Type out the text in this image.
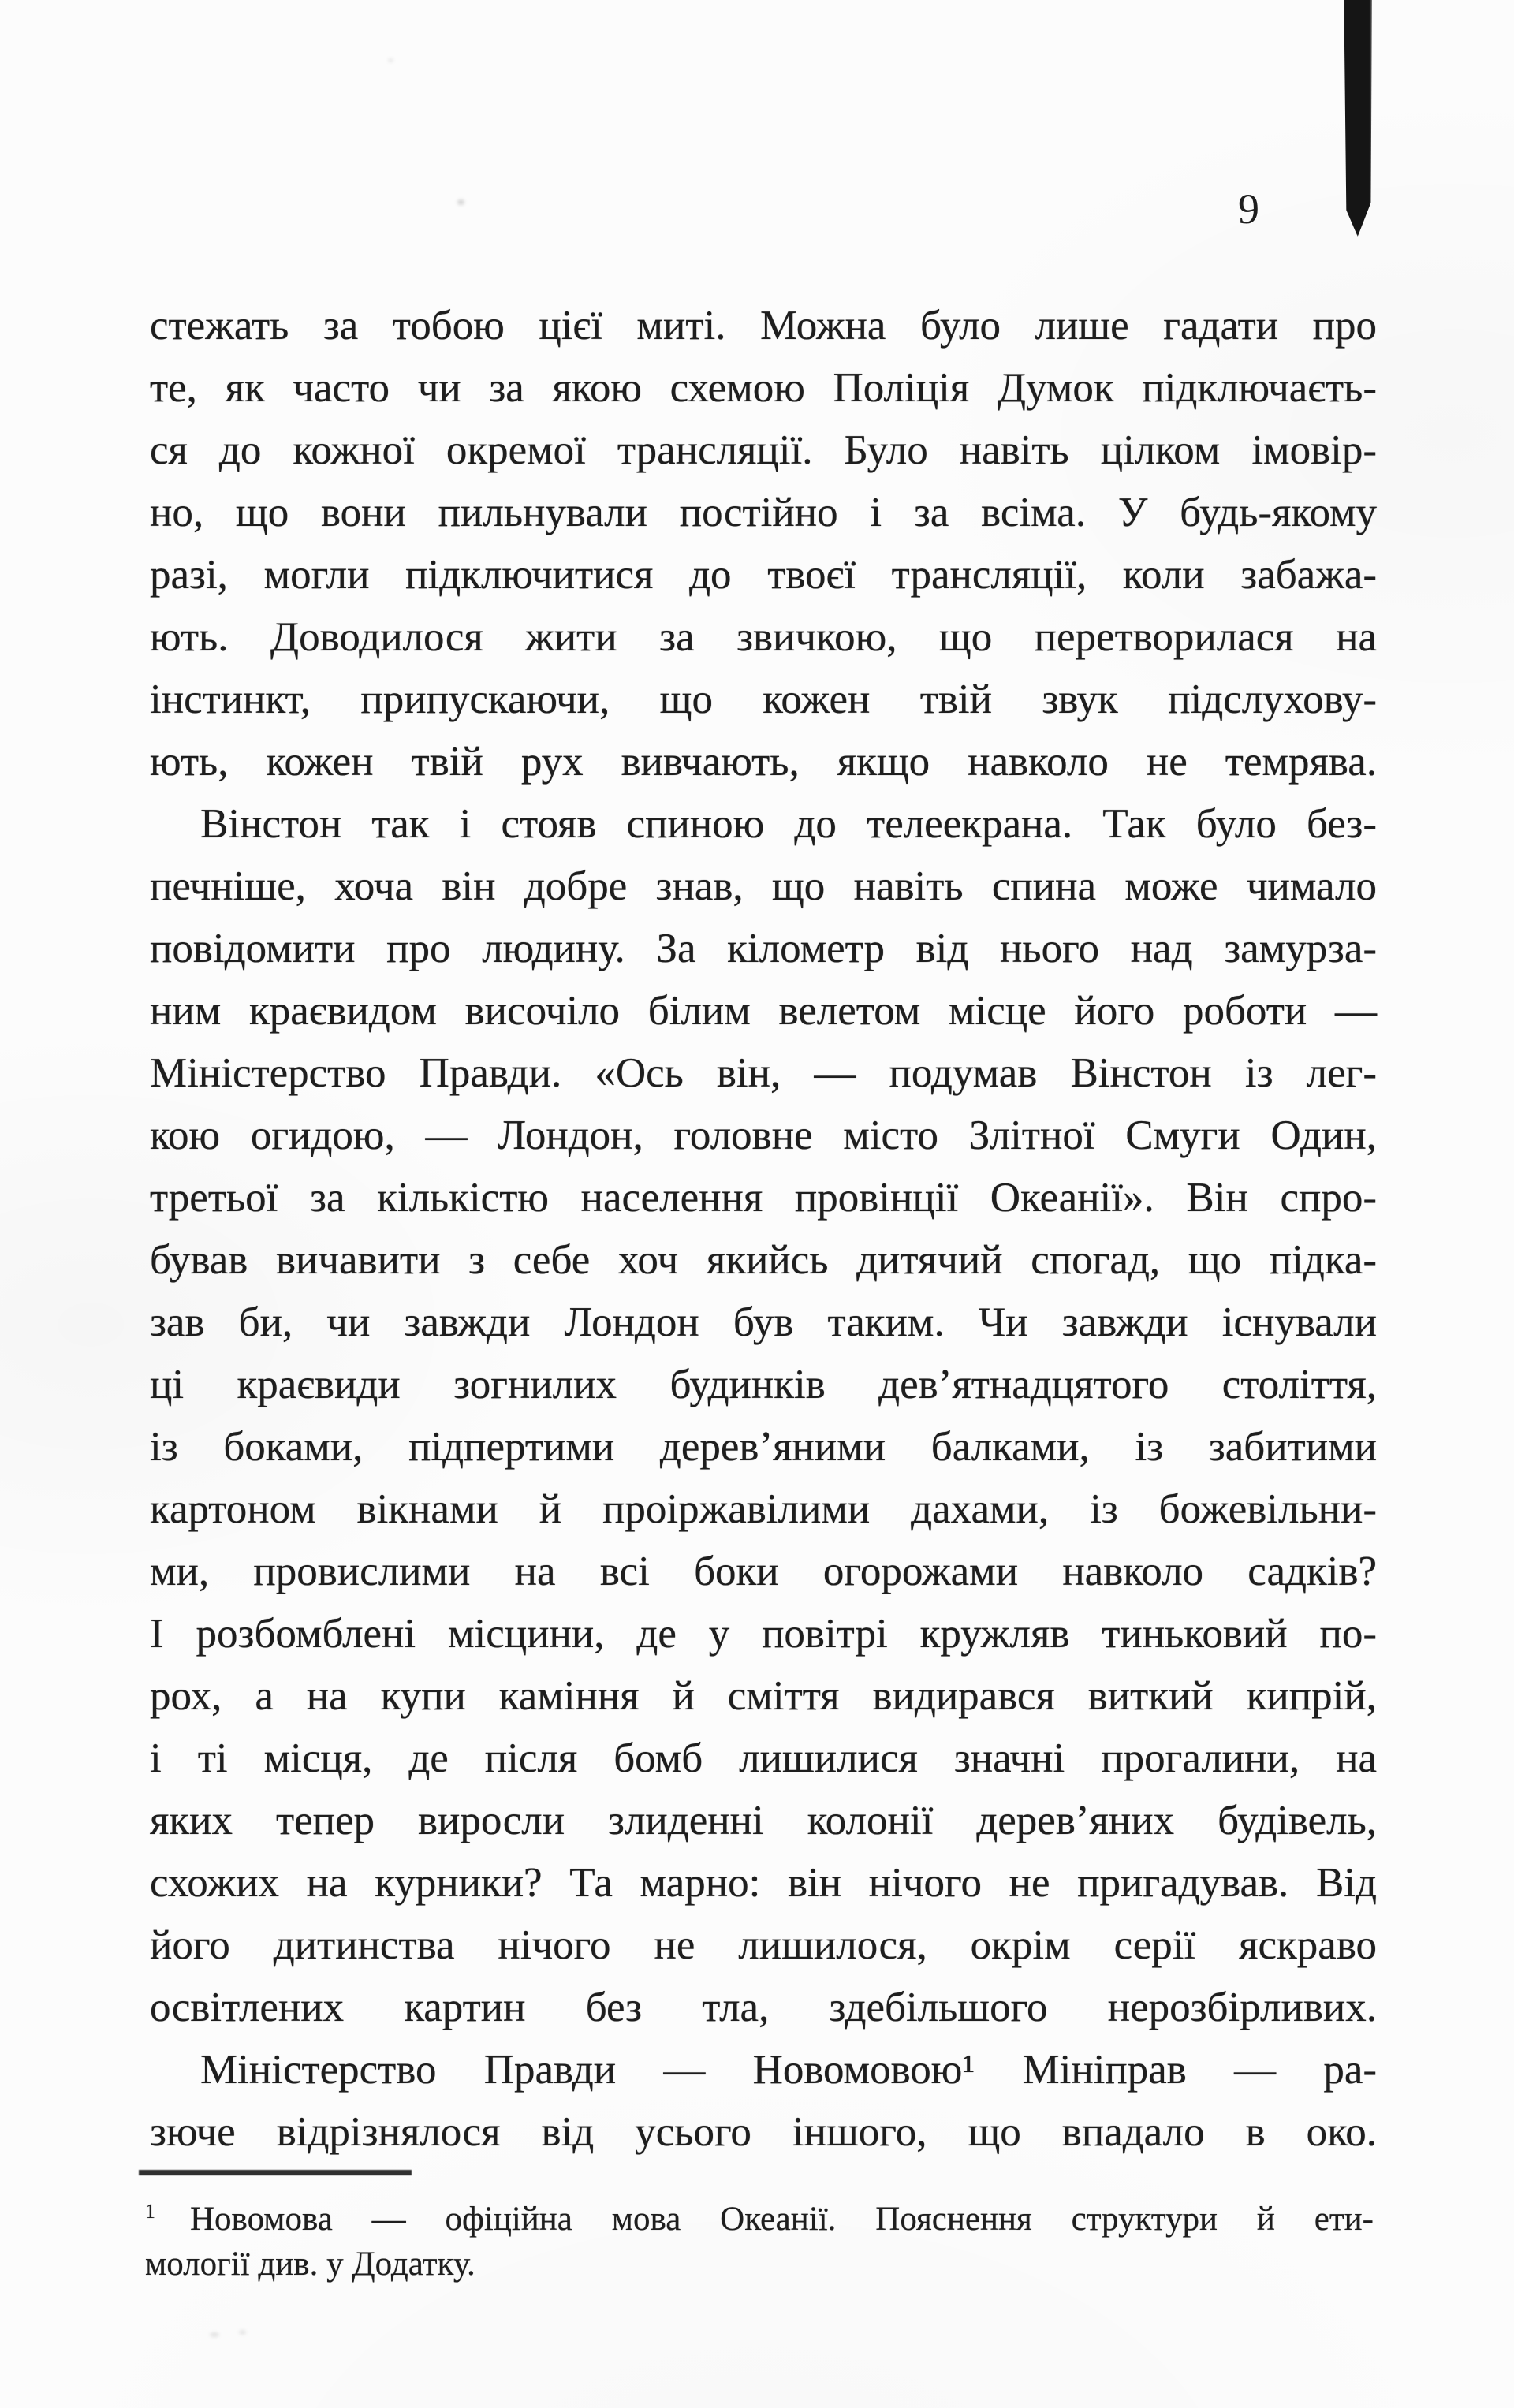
9
стежать за тобою цієї миті. Можна було лише гадати про
те, як часто чи за якою схемою Поліція Думок підключаєть-
ся до кожної окремої трансляції. Було навіть цілком імовір-
но, що вони пильнували постійно і за всіма. У будь-якому
разі, могли підключитися до твоєї трансляції, коли забажа-
ють. Доводилося жити за звичкою, що перетворилася на
інстинкт, припускаючи, що кожен твій звук підслухову-
ють, кожен твій рух вивчають, якщо навколо не темрява.
Вінстон так і стояв спиною до телеекрана. Так було без-
печніше, хоча він добре знав, що навіть спина може чимало
повідомити про людину. За кілометр від нього над замурза-
ним краєвидом височіло білим велетом місце його роботи —
Міністерство Правди. «Ось він, — подумав Вінстон із лег-
кою огидою, — Лондон, головне місто Злітної Смуги Один,
третьої за кількістю населення провінції Океанії». Він спро-
бував вичавити з себе хоч якийсь дитячий спогад, що підка-
зав би, чи завжди Лондон був таким. Чи завжди існували
ці краєвиди зогнилих будинків дев’ятнадцятого століття,
із боками, підпертими дерев’яними балками, із забитими
картоном вікнами й проіржавілими дахами, із божевільни-
ми, провислими на всі боки огорожами навколо садків?
І розбомблені місцини, де у повітрі кружляв тиньковий по-
рох, а на купи каміння й сміття видирався виткий кипрій,
і ті місця, де після бомб лишилися значні прогалини, на
яких тепер виросли злиденні колонії дерев’яних будівель,
схожих на курники? Та марно: він нічого не пригадував. Від
його дитинства нічого не лишилося, окрім серії яскраво
освітлених картин без тла, здебільшого нерозбірливих.
Міністерство Правди — Новомовою¹ Мініправ — ра-
зюче відрізнялося від усього іншого, що впадало в око.
$^1$ Новомова — офіційна мова Океанії. Пояснення структури й ети-
мології див. у Додатку.
